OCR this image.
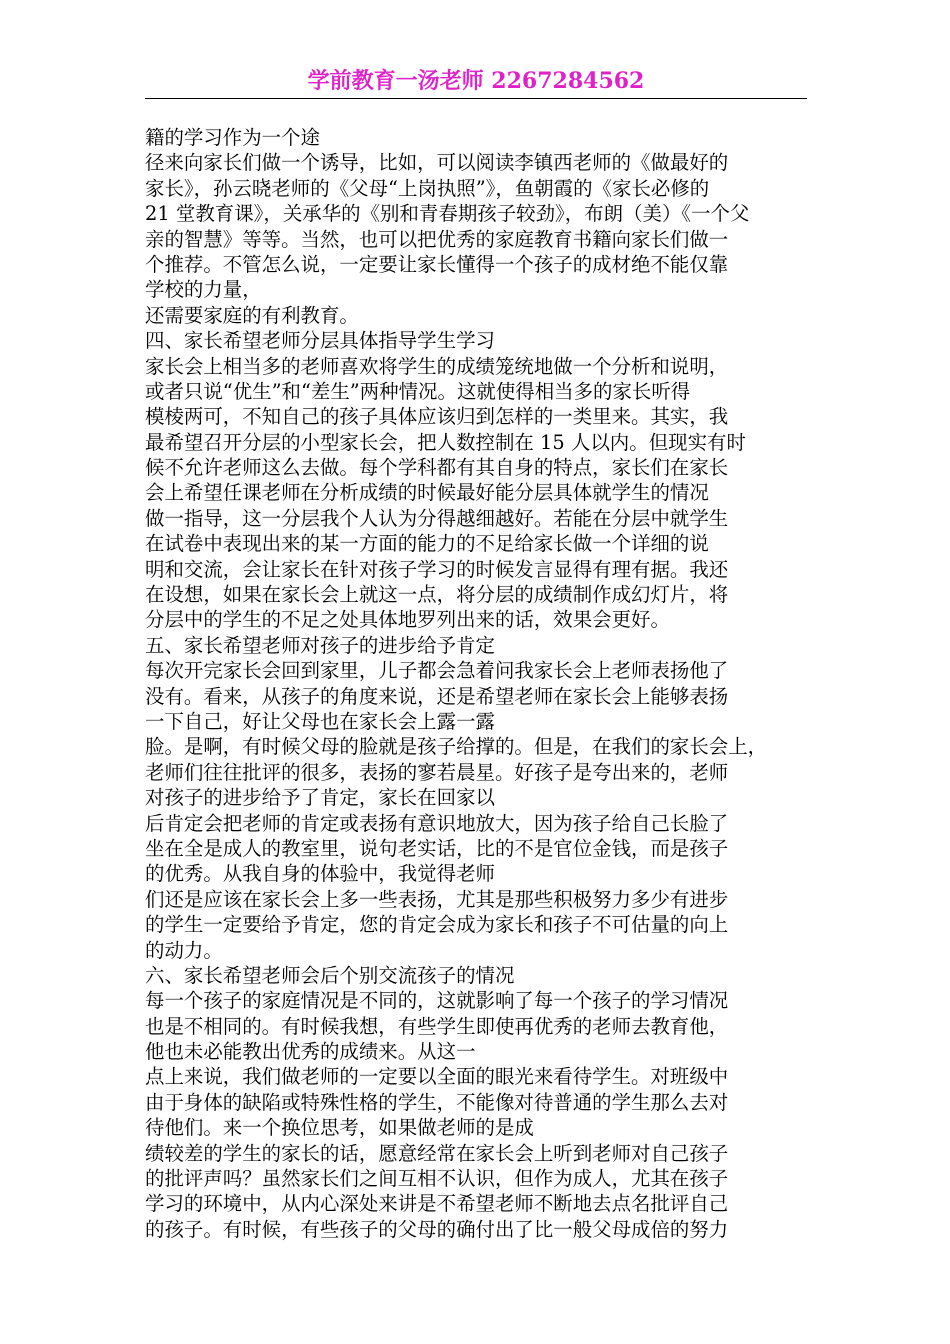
学前教育一汤老师 2267284562
籍的学习作为一个途
径来向家长们做一个诱导，比如，可以阅读李镇西老师的《做最好的
家长》，孙云晓老师的《父母“上岗执照”》，鱼朝霞的《家长必修的
21 堂教育课》，关承华的《别和青春期孩子较劲》，布朗（美）《一个父
亲的智慧》等等。当然，也可以把优秀的家庭教育书籍向家长们做一
个推荐。不管怎么说，一定要让家长懂得一个孩子的成材绝不能仅靠
学校的力量，
还需要家庭的有利教育。
四、家长希望老师分层具体指导学生学习
家长会上相当多的老师喜欢将学生的成绩笼统地做一个分析和说明，
或者只说“优生”和“差生”两种情况。这就使得相当多的家长听得
模棱两可，不知自己的孩子具体应该归到怎样的一类里来。其实，我
最希望召开分层的小型家长会，把人数控制在 15 人以内。但现实有时
候不允许老师这么去做。每个学科都有其自身的特点，家长们在家长
会上希望任课老师在分析成绩的时候最好能分层具体就学生的情况
做一指导，这一分层我个人认为分得越细越好。若能在分层中就学生
在试卷中表现出来的某一方面的能力的不足给家长做一个详细的说
明和交流，会让家长在针对孩子学习的时候发言显得有理有据。我还
在设想，如果在家长会上就这一点，将分层的成绩制作成幻灯片，将
分层中的学生的不足之处具体地罗列出来的话，效果会更好。
五、家长希望老师对孩子的进步给予肯定
每次开完家长会回到家里，儿子都会急着问我家长会上老师表扬他了
没有。看来，从孩子的角度来说，还是希望老师在家长会上能够表扬
一下自己，好让父母也在家长会上露一露
脸。是啊，有时候父母的脸就是孩子给撑的。但是，在我们的家长会上，
老师们往往批评的很多，表扬的寥若晨星。好孩子是夸出来的，老师
对孩子的进步给予了肯定，家长在回家以
后肯定会把老师的肯定或表扬有意识地放大，因为孩子给自己长脸了
坐在全是成人的教室里，说句老实话，比的不是官位金钱，而是孩子
的优秀。从我自身的体验中，我觉得老师
们还是应该在家长会上多一些表扬，尤其是那些积极努力多少有进步
的学生一定要给予肯定，您的肯定会成为家长和孩子不可估量的向上
的动力。
六、家长希望老师会后个别交流孩子的情况
每一个孩子的家庭情况是不同的，这就影响了每一个孩子的学习情况
也是不相同的。有时候我想，有些学生即使再优秀的老师去教育他，
他也未必能教出优秀的成绩来。从这一
点上来说，我们做老师的一定要以全面的眼光来看待学生。对班级中
由于身体的缺陷或特殊性格的学生，不能像对待普通的学生那么去对
待他们。来一个换位思考，如果做老师的是成
绩较差的学生的家长的话，愿意经常在家长会上听到老师对自己孩子
的批评声吗？虽然家长们之间互相不认识，但作为成人，尤其在孩子
学习的环境中，从内心深处来讲是不希望老师不断地去点名批评自己
的孩子。有时候，有些孩子的父母的确付出了比一般父母成倍的努力
